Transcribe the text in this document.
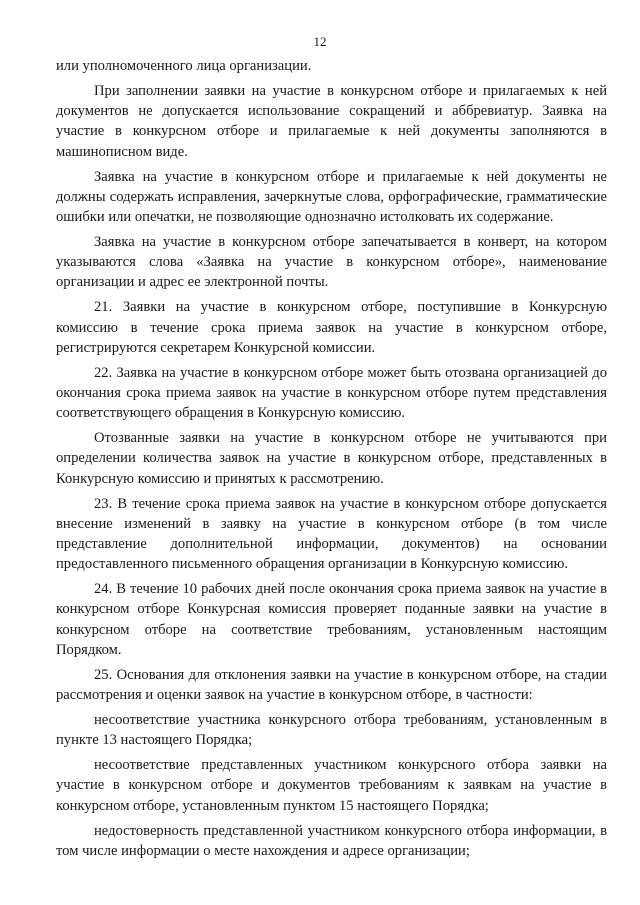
12

или уполномоченного лица организации.

При заполнении заявки на участие в конкурсном отборе и прилагаемых к ней документов не допускается использование сокращений и аббревиатур. Заявка на участие в конкурсном отборе и прилагаемые к ней документы заполняются в машинописном виде.

Заявка на участие в конкурсном отборе и прилагаемые к ней документы не должны содержать исправления, зачеркнутые слова, орфографические, грамматические ошибки или опечатки, не позволяющие однозначно истолковать их содержание.

Заявка на участие в конкурсном отборе запечатывается в конверт, на котором указываются слова «Заявка на участие в конкурсном отборе», наименование организации и адрес ее электронной почты.

21. Заявки на участие в конкурсном отборе, поступившие в Конкурсную комиссию в течение срока приема заявок на участие в конкурсном отборе, регистрируются секретарем Конкурсной комиссии.

22. Заявка на участие в конкурсном отборе может быть отозвана организацией до окончания срока приема заявок на участие в конкурсном отборе путем представления соответствующего обращения в Конкурсную комиссию.

Отозванные заявки на участие в конкурсном отборе не учитываются при определении количества заявок на участие в конкурсном отборе, представленных в Конкурсную комиссию и принятых к рассмотрению.

23. В течение срока приема заявок на участие в конкурсном отборе допускается внесение изменений в заявку на участие в конкурсном отборе (в том числе представление дополнительной информации, документов) на основании предоставленного письменного обращения организации в Конкурсную комиссию.

24. В течение 10 рабочих дней после окончания срока приема заявок на участие в конкурсном отборе Конкурсная комиссия проверяет поданные заявки на участие в конкурсном отборе на соответствие требованиям, установленным настоящим Порядком.

25. Основания для отклонения заявки на участие в конкурсном отборе, на стадии рассмотрения и оценки заявок на участие в конкурсном отборе, в частности:

несоответствие участника конкурсного отбора требованиям, установленным в пункте 13 настоящего Порядка;

несоответствие представленных участником конкурсного отбора заявки на участие в конкурсном отборе и документов требованиям к заявкам на участие в конкурсном отборе, установленным пунктом 15 настоящего Порядка;

недостоверность представленной участником конкурсного отбора информации, в том числе информации о месте нахождения и адресе организации;
